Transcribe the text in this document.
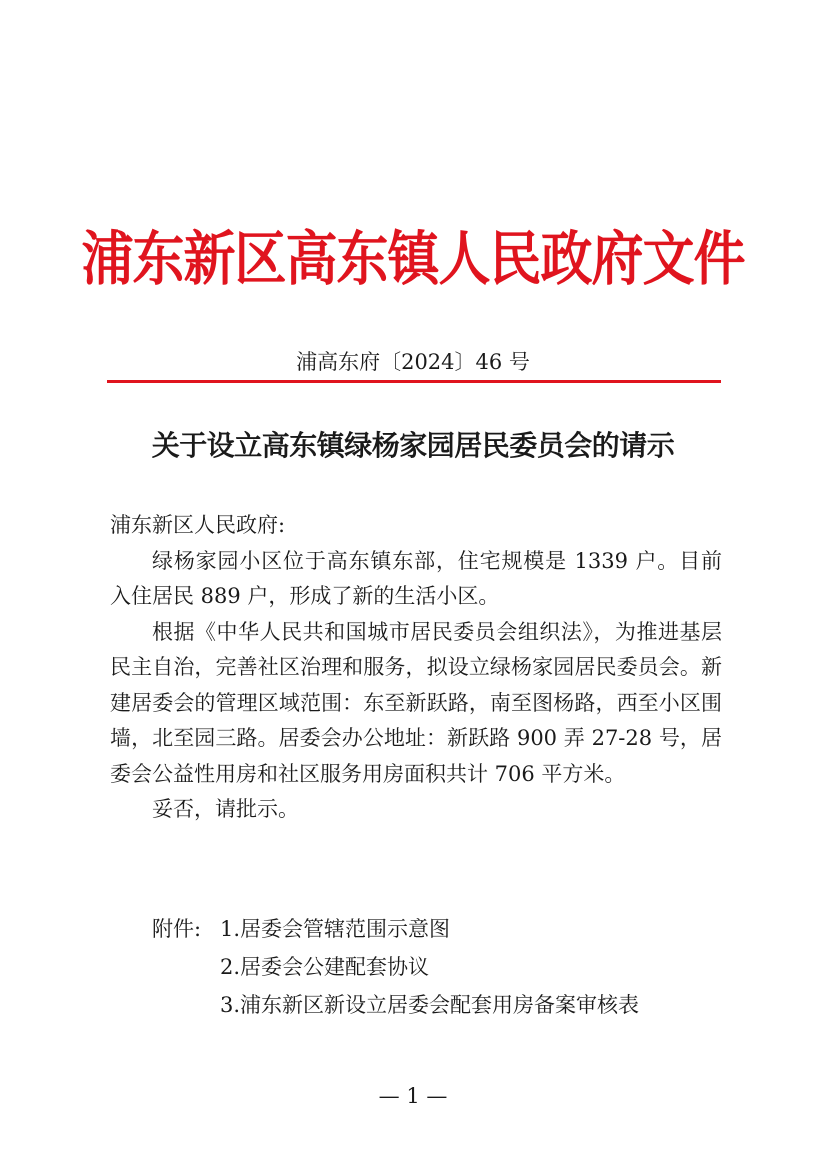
浦东新区高东镇人民政府文件
浦高东府〔2024〕46 号
关于设立高东镇绿杨家园居民委员会的请示

浦东新区人民政府:

绿杨家园小区位于高东镇东部，住宅规模是 1339 户。目前入住居民 889 户，形成了新的生活小区。

根据《中华人民共和国城市居民委员会组织法》，为推进基层民主自治，完善社区治理和服务，拟设立绿杨家园居民委员会。新建居委会的管理区域范围：东至新跃路，南至图杨路，西至小区围墙，北至园三路。居委会办公地址：新跃路 900 弄 27-28 号，居委会公益性用房和社区服务用房面积共计 706 平方米。

妥否，请批示。

附件: 1.居委会管辖范围示意图
2.居委会公建配套协议
3.浦东新区新设立居委会配套用房备案审核表
— 1 —
